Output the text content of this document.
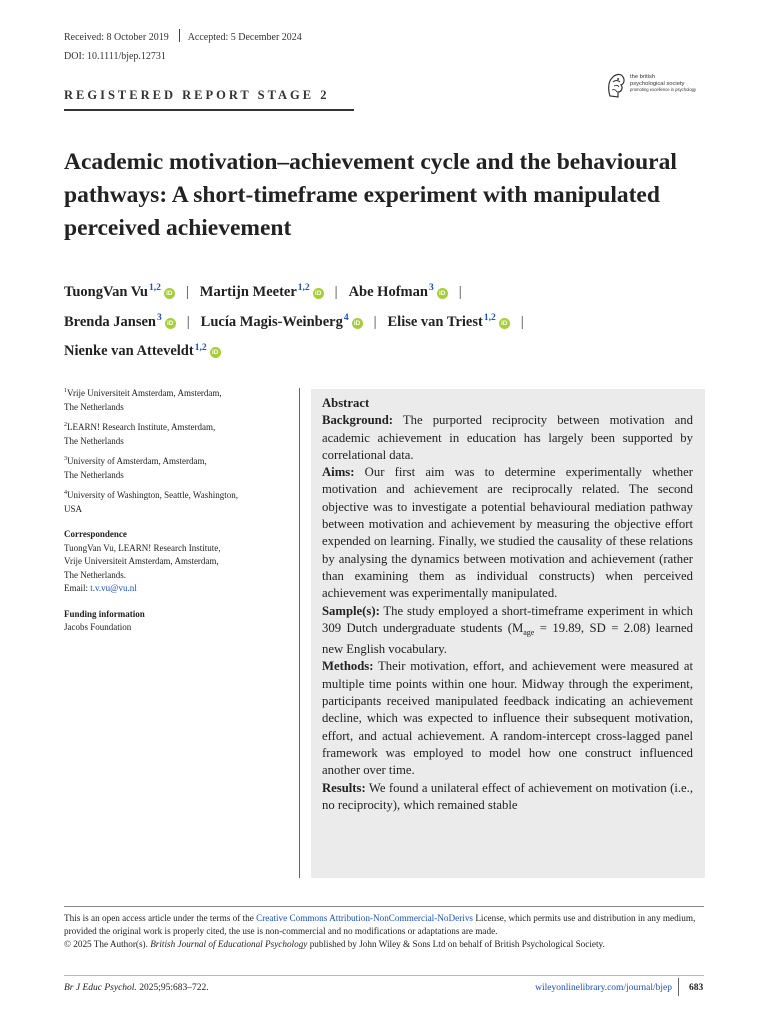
Received: 8 October 2019 Accepted: 5 December 2024
DOI: 10.1111/bjep.12731
the british
psychological society
promoting excellence in psychology
REGISTERED REPORT STAGE 2
Academic motivation–achievement cycle and the behavioural pathways: A short-timeframe experiment with manipulated perceived achievement
TuongVan Vu$^{1,2}$iD | Martijn Meeter$^{1,2}$iD | Abe Hofman$^3$iD |
Brenda Jansen$^3$iD | Lucía Magis-Weinberg$^4$iD | Elise van Triest$^{1,2}$iD |
Nienke van Atteveldt$^{1,2}$iD
$^1$Vrije Universiteit Amsterdam, Amsterdam,
The Netherlands
$^2$LEARN! Research Institute, Amsterdam,
The Netherlands
$^3$University of Amsterdam, Amsterdam,
The Netherlands
$^4$University of Washington, Seattle, Washington,
USA
Correspondence
TuongVan Vu, LEARN! Research Institute,
Vrije Universiteit Amsterdam, Amsterdam,
The Netherlands.
Email: t.v.vu@vu.nl
Funding information
Jacobs Foundation

Abstract

Background: The purported reciprocity between motivation and academic achievement in education has largely been supported by correlational data.

Aims: Our first aim was to determine experimentally whether motivation and achievement are reciprocally related. The second objective was to investigate a potential behavioural mediation pathway between motivation and achievement by measuring the objective effort expended on learning. Finally, we studied the causality of these relations by analysing the dynamics between motivation and achievement (rather than examining them as individual constructs) when perceived achievement was experimentally manipulated.

Sample(s): The study employed a short-timeframe experiment in which 309 Dutch undergraduate students ($M_{age} = 19.89$, SD = 2.08) learned new English vocabulary.

Methods: Their motivation, effort, and achievement were measured at multiple time points within one hour. Midway through the experiment, participants received manipulated feedback indicating an achievement decline, which was expected to influence their subsequent motivation, effort, and actual achievement. A random-intercept cross-lagged panel framework was employed to model how one construct influenced another over time.

Results: We found a unilateral effect of achievement on motivation (i.e., no reciprocity), which remained stable

This is an open access article under the terms of the Creative Commons Attribution-NonCommercial-NoDerivs License, which permits use and distribution in any medium, provided the original work is properly cited, the use is non-commercial and no modifications or adaptations are made.

© 2025 The Author(s). British Journal of Educational Psychology published by John Wiley & Sons Ltd on behalf of British Psychological Society.

Br J Educ Psychol. 2025;95:683–722.	wileyonlinelibrary.com/journal/bjep 683
